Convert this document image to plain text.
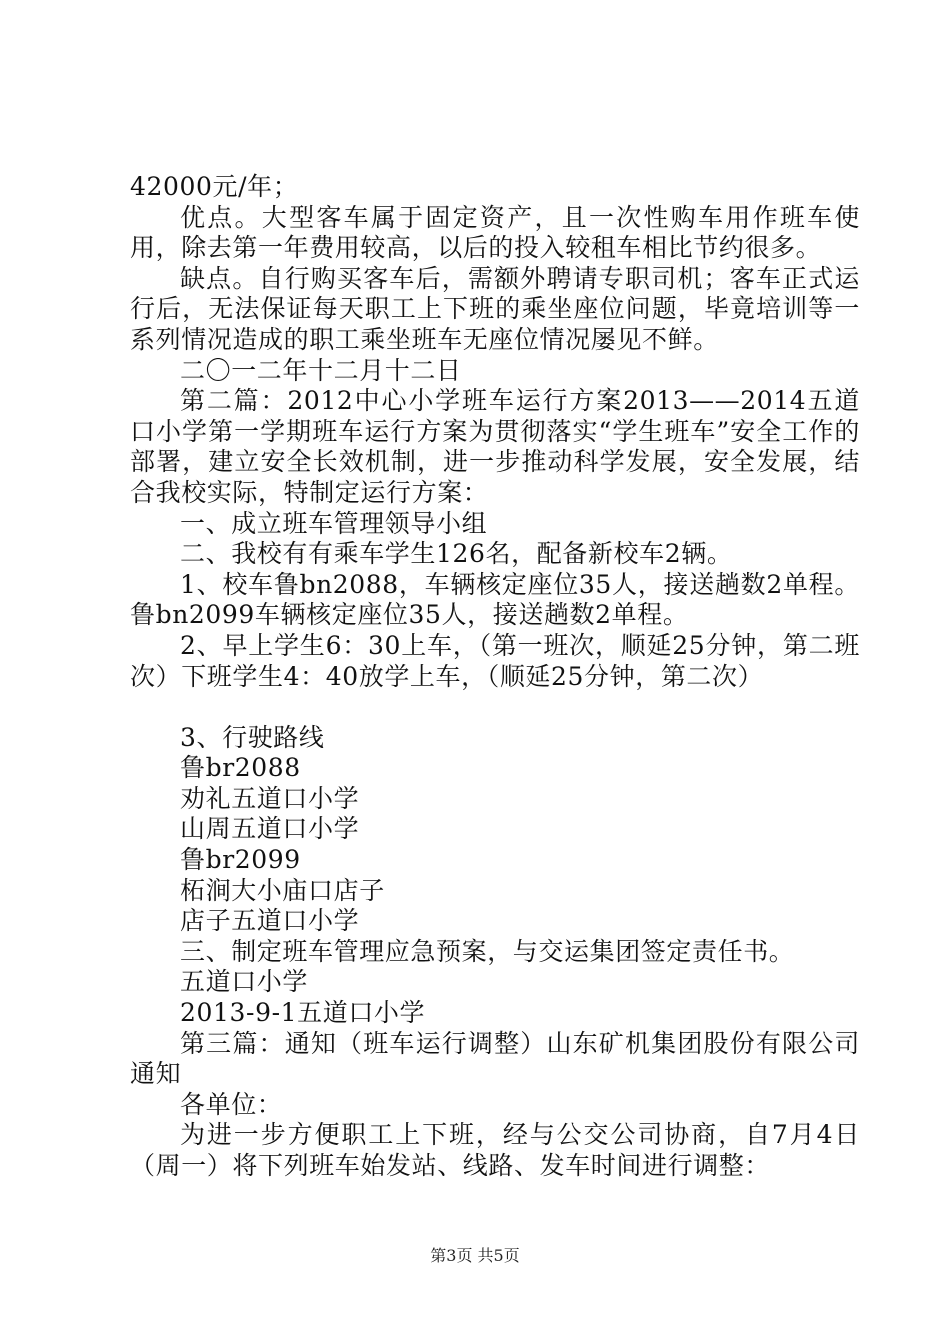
42000元/年；

优点。大型客车属于固定资产，且一次性购车用作班车使用，除去第一年费用较高，以后的投入较租车相比节约很多。

缺点。自行购买客车后，需额外聘请专职司机；客车正式运行后，无法保证每天职工上下班的乘坐座位问题，毕竟培训等一系列情况造成的职工乘坐班车无座位情况屡见不鲜。

二〇一二年十二月十二日

第二篇：2012中心小学班车运行方案2013——2014五道口小学第一学期班车运行方案为贯彻落实“学生班车”安全工作的部署，建立安全长效机制，进一步推动科学发展，安全发展，结合我校实际，特制定运行方案：

一、成立班车管理领导小组

二、我校有有乘车学生126名，配备新校车2辆。

1、校车鲁bn2088，车辆核定座位35人，接送趟数2单程。鲁bn2099车辆核定座位35人，接送趟数2单程。

2、早上学生6：30上车，（第一班次，顺延25分钟，第二班次）下班学生4：40放学上车，（顺延25分钟，第二次）

3、行驶路线

鲁br2088

劝礼五道口小学

山周五道口小学

鲁br2099

柘涧大小庙口店子

店子五道口小学

三、制定班车管理应急预案，与交运集团签定责任书。

五道口小学

2013-9-1五道口小学

第三篇：通知（班车运行调整）山东矿机集团股份有限公司通知

各单位：

为进一步方便职工上下班，经与公交公司协商，自7月4日（周一）将下列班车始发站、线路、发车时间进行调整：

第3页 共5页
